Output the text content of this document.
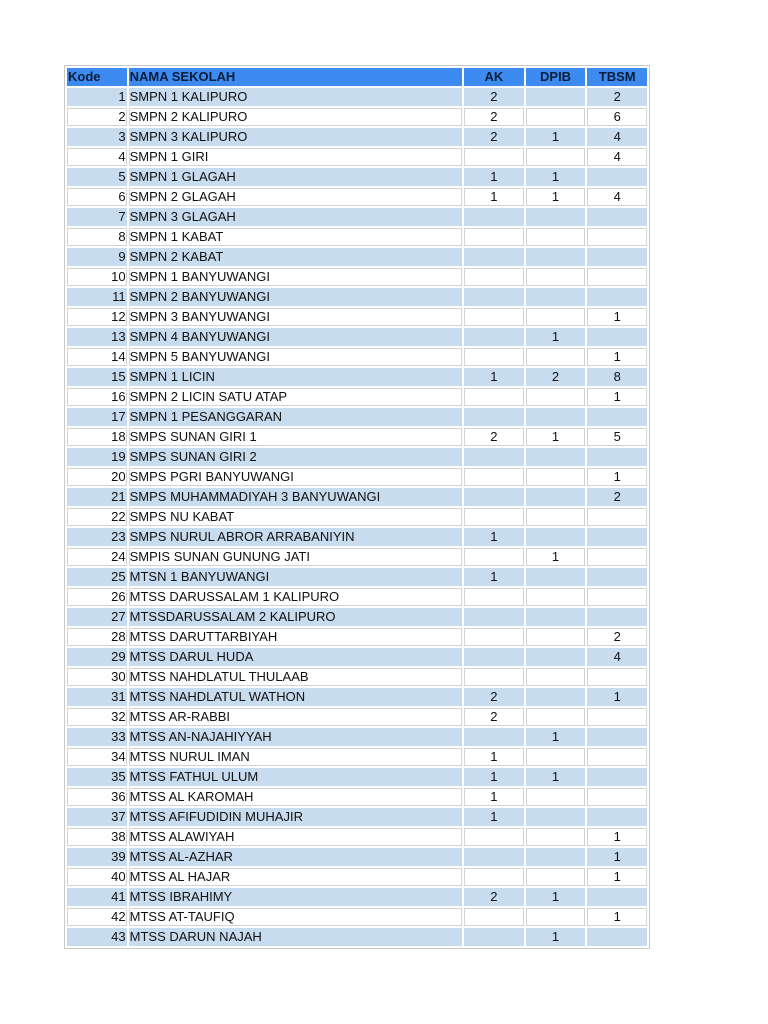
Kode	NAMA SEKOLAH	AK	DPIB	TBSM
1	SMPN 1 KALIPURO	2		2
2	SMPN 2 KALIPURO	2		6
3	SMPN 3 KALIPURO	2	1	4
4	SMPN 1 GIRI			4
5	SMPN 1 GLAGAH	1	1	
6	SMPN 2 GLAGAH	1	1	4
7	SMPN 3 GLAGAH			
8	SMPN 1 KABAT			
9	SMPN 2 KABAT			
10	SMPN 1 BANYUWANGI			
11	SMPN 2 BANYUWANGI			
12	SMPN 3 BANYUWANGI			1
13	SMPN 4 BANYUWANGI		1	
14	SMPN 5 BANYUWANGI			1
15	SMPN 1 LICIN	1	2	8
16	SMPN 2 LICIN SATU ATAP			1
17	SMPN 1 PESANGGARAN			
18	SMPS SUNAN GIRI 1	2	1	5
19	SMPS SUNAN GIRI 2			
20	SMPS PGRI BANYUWANGI			1
21	SMPS MUHAMMADIYAH 3 BANYUWANGI			2
22	SMPS NU KABAT			
23	SMPS NURUL ABROR ARRABANIYIN	1		
24	SMPIS SUNAN GUNUNG JATI		1	
25	MTSN 1 BANYUWANGI	1		
26	MTSS DARUSSALAM 1 KALIPURO			
27	MTSSDARUSSALAM 2 KALIPURO			
28	MTSS DARUTTARBIYAH			2
29	MTSS DARUL HUDA			4
30	MTSS NAHDLATUL THULAAB			
31	MTSS NAHDLATUL WATHON	2		1
32	MTSS AR-RABBI	2		
33	MTSS AN-NAJAHIYYAH		1	
34	MTSS NURUL IMAN	1		
35	MTSS FATHUL ULUM	1	1	
36	MTSS AL KAROMAH	1		
37	MTSS AFIFUDIDIN MUHAJIR	1		
38	MTSS ALAWIYAH			1
39	MTSS AL-AZHAR			1
40	MTSS AL HAJAR			1
41	MTSS IBRAHIMY	2	1	
42	MTSS AT-TAUFIQ			1
43	MTSS DARUN NAJAH		1	
